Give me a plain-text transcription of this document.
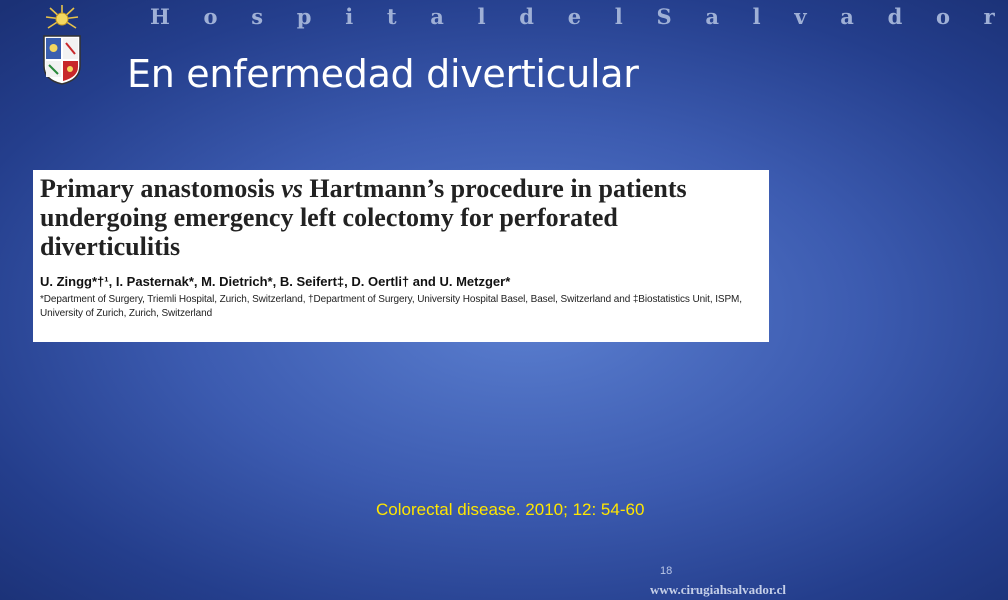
H o s p i t a l d e l S a l v a d o r
En enfermedad diverticular
Primary anastomosis vs Hartmann’s procedure in patients
undergoing emergency left colectomy for perforated
diverticulitis
U. Zingg*†¹, I. Pasternak*, M. Dietrich*, B. Seifert‡, D. Oertli† and U. Metzger*
*Department of Surgery, Triemli Hospital, Zurich, Switzerland, †Department of Surgery, University Hospital Basel, Basel, Switzerland and ‡Biostatistics Unit, ISPM, University of Zurich, Zurich, Switzerland
Colorectal disease. 2010; 12: 54-60
18
www.cirugiahsalvador.cl
